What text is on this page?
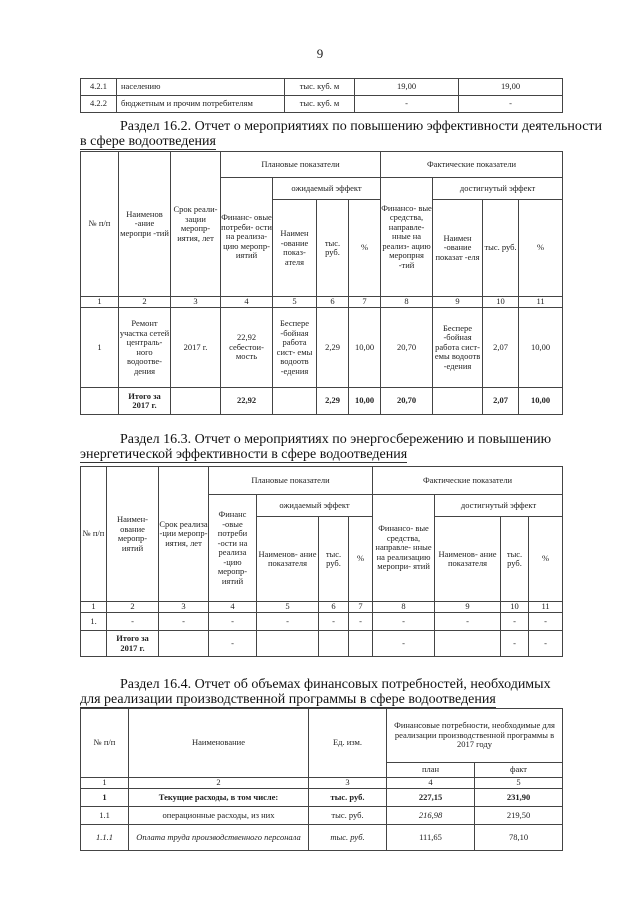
9
4.2.1	населению	тыс. куб. м	19,00	19,00
4.2.2	бюджетным и прочим потребителям	тыс. куб. м	-	-
Раздел 16.2. Отчет о мероприятиях по повышению эффективности деятельности
в сфере водоотведения
№ п/п	Наименов -ание меропри -тий	Срок реали- зации меропр- иятия, лет	Плановые показатели				Фактические показатели			
			Финанс- овые потреби- ости на реализа- цию меропр- иятий	ожидаемый эффект			Финансо- вые средства, направле- нные на реализ- ацию меропрня -тий	достигнутый эффект		
				Наимен -ование показ- ателя	тыс. руб.	%		Наимен -ование показат -еля	тыс. руб.	%
1	2	3	4	5	6	7	8	9	10	11
1	Ремонт участка сетей централь- ного водоотве- дения	2017 г.	22,92 себестои- мость	Беспере -бойная работа сист- емы водоотв -едения	2,29	10,00	20,70	Беспере -бойная работа сист- емы водоотв -едения	2,07	10,00
	Итого за 2017 г.		22,92		2,29	10,00	20,70		2,07	10,00
Раздел 16.3. Отчет о мероприятиях по энергосбережению и повышению
энергетической эффективности в сфере водоотведения
№ п/п	Наимен- ование меропр- иятий	Срок реализа -ции меропр- иятия, лет	Плановые показатели				Фактические показатели			
			Финанс -овые потреби -ости на реализа -цию меропр- иятий	ожидаемый эффект			Финансо- вые средства, направле- нные на реализацию меропри- ятий	достигнутый эффект		
				Наименов- ание показателя	тыс. руб.	%		Наименов- ание показателя	тыс. руб.	%
1	2	3	4	5	6	7	8	9	10	11
1.	-	-	-	-	-	-	-	-	-	-
	Итого за 2017 г.		-				-		-	-
Раздел 16.4. Отчет об объемах финансовых потребностей, необходимых
для реализации производственной программы в сфере водоотведения
№ п/п	Наименование	Ед. изм.	Финансовые потребности, необходимые для реализации производственной программы в 2017 году	
			план	факт
1	2	3	4	5
1	Текущие расходы, в том числе:	тыс. руб.	227,15	231,90
1.1	операционные расходы, из них	тыс. руб.	216,98	219,50
1.1.1	Оплата труда производственного персонала	тыс. руб.	111,65	78,10
